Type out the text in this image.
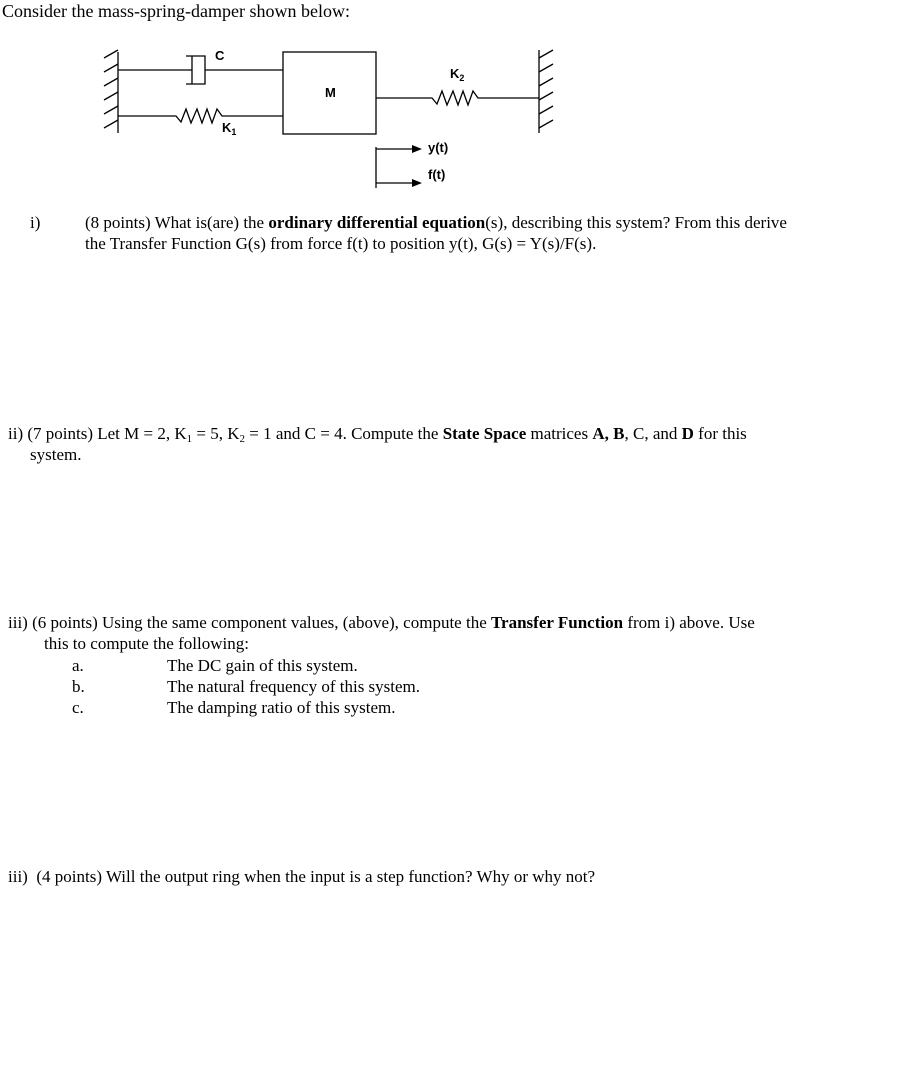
Consider the mass-spring-damper shown below:
C
M
$K_1$
$K_2$
y(t)
f(t)
i)	(8 points) What is(are) the ordinary differential equation(s), describing this system? From this derive
the Transfer Function G(s) from force f(t) to position y(t), G(s) = Y(s)/F(s).
ii) (7 points) Let M = 2, $K_1 = 5$, $K_2 = 1$ and C = 4. Compute the State Space matrices A, B, C, and D for this
system.
iii) (6 points) Using the same component values, (above), compute the Transfer Function from i) above. Use
this to compute the following:
a.	The DC gain of this system.
b.	The natural frequency of this system.
c.	The damping ratio of this system.
iii) (4 points) Will the output ring when the input is a step function? Why or why not?
